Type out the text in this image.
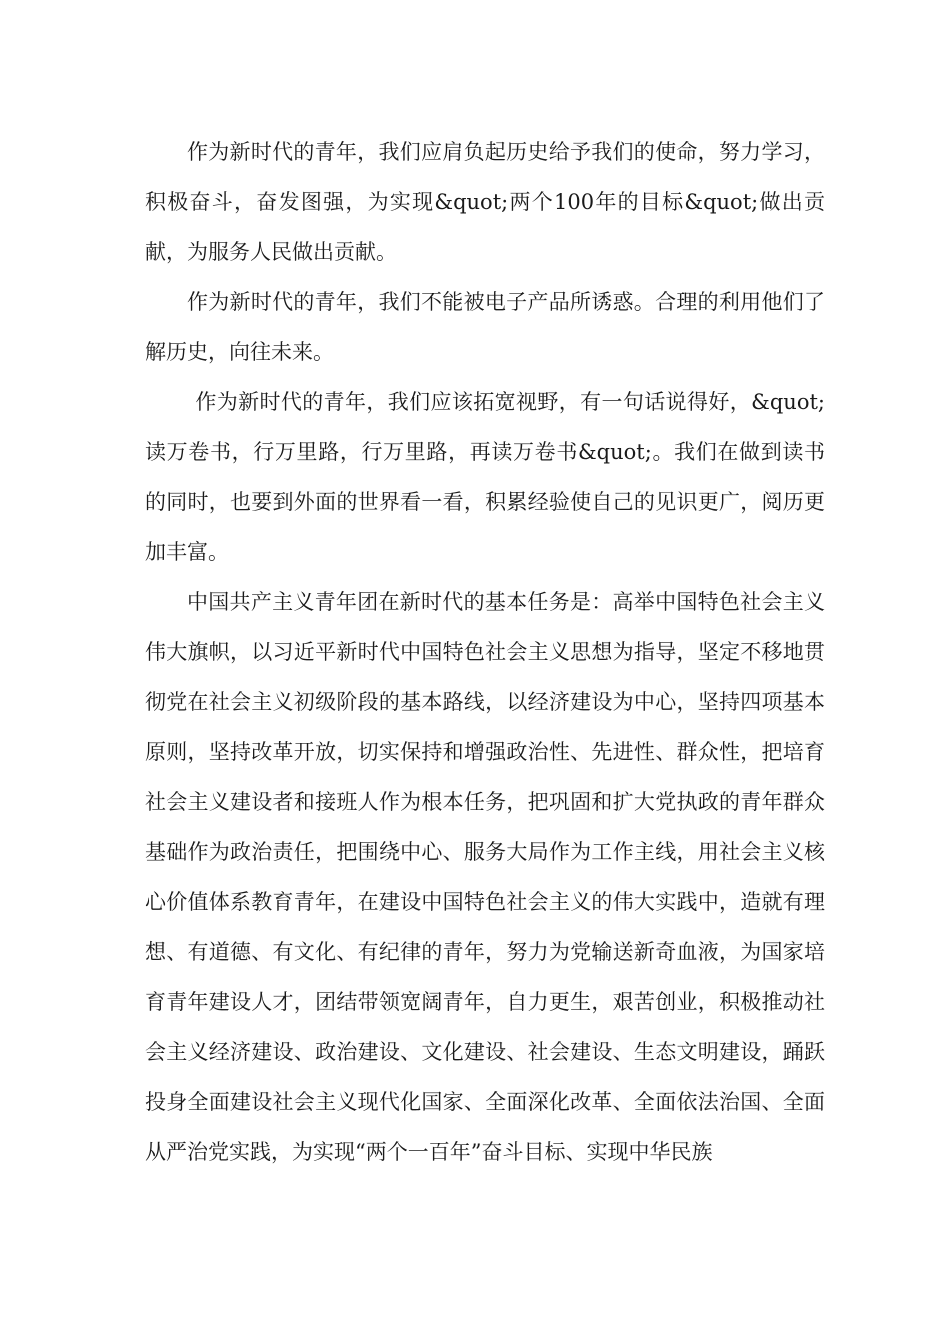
作为新时代的青年，我们应肩负起历史给予我们的使命，努力学习，积极奋斗，奋发图强，为实现&quot;两个100年的目标&quot;做出贡献，为服务人民做出贡献。

作为新时代的青年，我们不能被电子产品所诱惑。合理的利用他们了解历史，向往未来。

作为新时代的青年，我们应该拓宽视野，有一句话说得好，&quot;读万卷书，行万里路，行万里路，再读万卷书&quot;。我们在做到读书的同时，也要到外面的世界看一看，积累经验使自己的见识更广，阅历更加丰富。

中国共产主义青年团在新时代的基本任务是：高举中国特色社会主义伟大旗帜，以习近平新时代中国特色社会主义思想为指导，坚定不移地贯彻党在社会主义初级阶段的基本路线，以经济建设为中心，坚持四项基本原则，坚持改革开放，切实保持和增强政治性、先进性、群众性，把培育社会主义建设者和接班人作为根本任务，把巩固和扩大党执政的青年群众基础作为政治责任，把围绕中心、服务大局作为工作主线，用社会主义核心价值体系教育青年，在建设中国特色社会主义的伟大实践中，造就有理想、有道德、有文化、有纪律的青年，努力为党输送新奇血液，为国家培育青年建设人才，团结带领宽阔青年，自力更生，艰苦创业，积极推动社会主义经济建设、政治建设、文化建设、社会建设、生态文明建设，踊跃投身全面建设社会主义现代化国家、全面深化改革、全面依法治国、全面从严治党实践，为实现“两个一百年”奋斗目标、实现中华民族
